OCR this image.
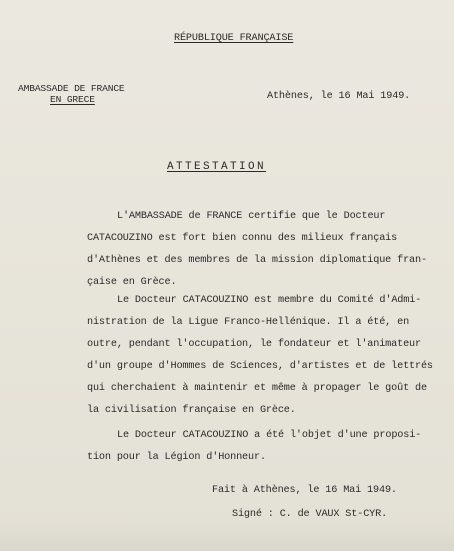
RÉPUBLIQUE FRANÇAISE
AMBASSADE DE FRANCE
EN GRECE	Athènes, le 16 Mai 1949.
ATTESTATION
L'AMBASSADE de FRANCE certifie que le Docteur
CATACOUZINO est fort bien connu des milieux français
d'Athènes et des membres de la mission diplomatique fran-
çaise en Grèce.
Le Docteur CATACOUZINO est membre du Comité d'Admi-
nistration de la Ligue Franco-Hellénique. Il a été, en
outre, pendant l'occupation, le fondateur et l'animateur
d'un groupe d'Hommes de Sciences, d'artistes et de lettrés
qui cherchaient à maintenir et même à propager le goût de
la civilisation française en Grèce.
Le Docteur CATACOUZINO a été l'objet d'une proposi-
tion pour la Légion d'Honneur.
Fait à Athènes, le 16 Mai 1949.
Signé : C. de VAUX St-CYR.
